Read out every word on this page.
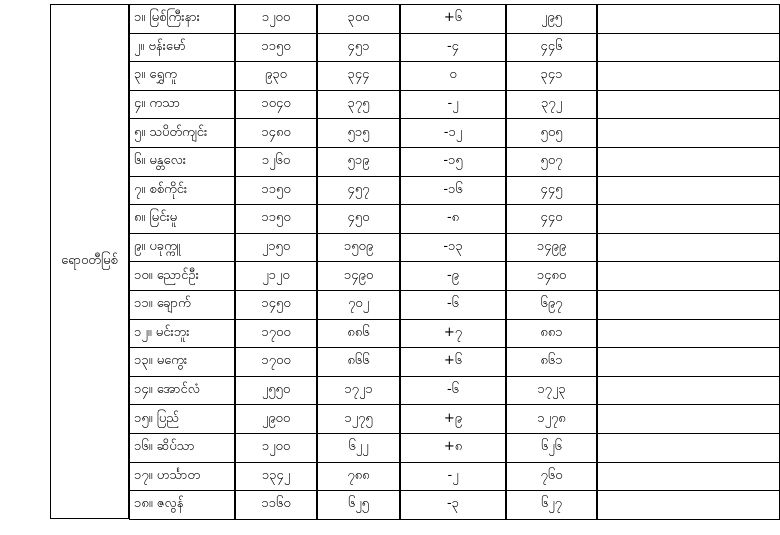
ရောဝတီမြစ်
၁။ မြစ်ကြီးနား	၁၂၀၀	၃၀၀	+၆	၂၉၅
၂။ ဗန်းမော်	၁၁၅၀	၄၅၁	-၄	၄၄၆
၃။ ရွှေကူ	၉၃၀	၃၄၄	၀	၃၄၁
၄။ ကသာ	၁၀၄၀	၃၇၅	-၂	၃၇၂
၅။ သပိတ်ကျင်း	၁၄၈၀	၅၁၅	-၁၂	၅၀၅
၆။ မန္တလေး	၁၂၆၀	၅၁၉	-၁၅	၅၀၇
၇။ စစ်ကိုင်း	၁၁၅၀	၄၅၇	-၁၆	၄၄၅
၈။ မြင်းမူ	၁၁၅၀	၄၅၀	-၈	၄၄၀
၉။ ပခုက္ကူ	၂၁၅၀	၁၅၀၉	-၁၃	၁၄၉၉
၁၀။ ညောင်ဦး	၂၁၂၀	၁၄၉၀	-၉	၁၄၈၀
၁၁။ ချောက်	၁၄၅၀	၇၀၂	-၆	၆၉၇
၁၂။ မင်းဘူး	၁၇၀၀	၈၈၆	+၇	၈၈၁
၁၃။ မကွေး	၁၇၀၀	၈၆၆	+၆	၈၆၁
၁၄။ အောင်လံ	၂၅၅၀	၁၇၂၁	-၆	၁၇၂၃
၁၅။ ပြည်	၂၉၀၀	၁၂၇၅	+၉	၁၂၇၈
၁၆။ ဆိပ်သာ	၁၂၀၀	၆၂၂	+၈	၆၂၆
၁၇။ ဟင်္သာတ	၁၃၄၂	၇၈၈	-၂	၇၆၀
၁၈။ ဇလွန်	၁၁၆၀	၆၂၅	-၃	၆၂၇
